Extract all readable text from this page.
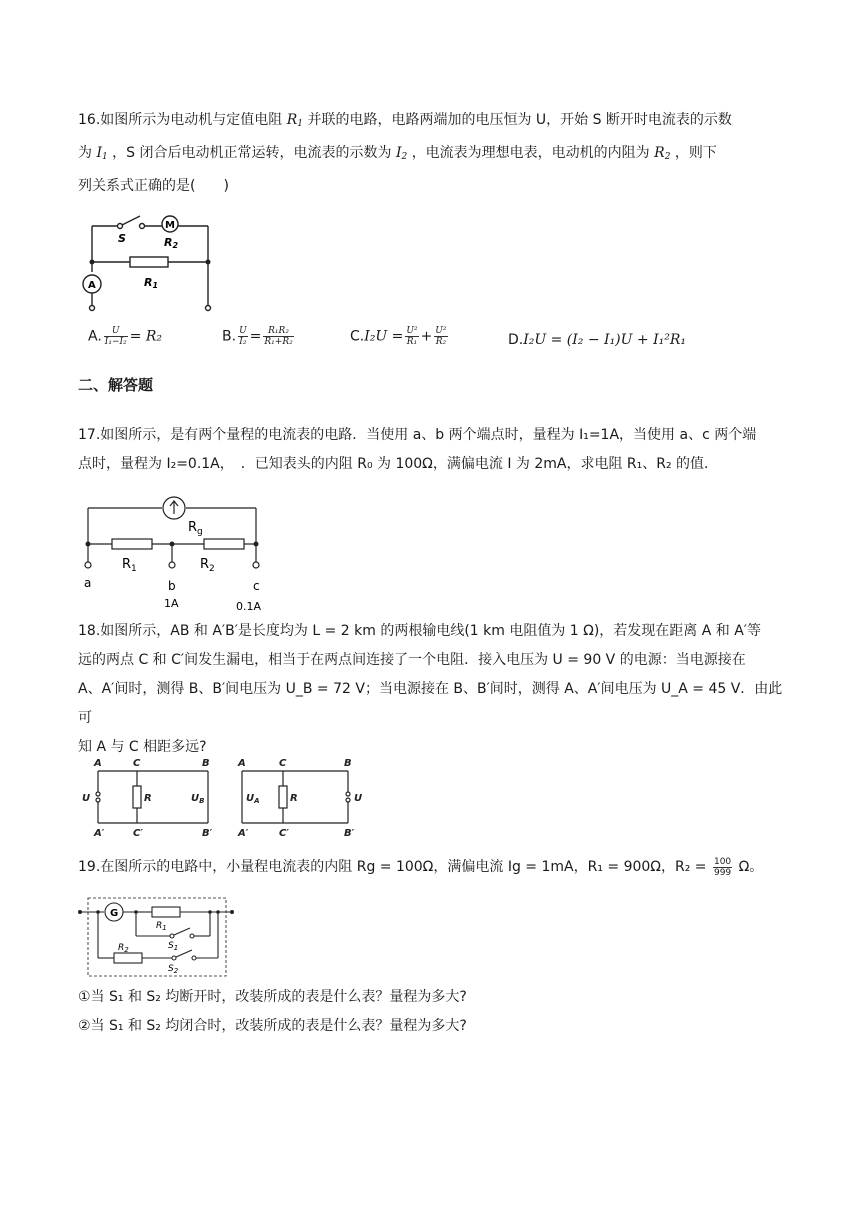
16.如图所示为电动机与定值电阻 $R_1$ 并联的电路，电路两端加的电压恒为 U，开始 S 断开时电流表的示数
为 $I_1$ ，S 闭合后电动机正常运转，电流表的示数为 $I_2$ ，电流表为理想电表，电动机的内阻为 $R_2$ ，则下
列关系式正确的是(　　)
S
M
R2
R1
A
A. $\frac{U}{\text{I₁−I₂}} = R_2$	B. $\frac{U}{\text{I₂}} = \frac{\text{R₁R₂}}{\text{R₁+R₂}}$	$C.I_2U = \frac{\text{U²}}{\text{R₁}} + \frac{\text{U²}}{\text{R₂}}$	D.I₂U = (I₂ − I₁)U + I₁²R₁
二、解答题
17.如图所示，是有两个量程的电流表的电路．当使用 a、b 两个端点时，量程为 I₁=1A，当使用 a、c 两个端
点时，量程为 I₂=0.1A，　．已知表头的内阻 R₀ 为 100Ω，满偏电流 I 为 2mA，求电阻 R₁、R₂ 的值．
$R_g$
$R_1$	$R_2$
a	b	c
1A	0.1A
18.如图所示，AB 和 A′B′是长度均为 L = 2 km 的两根输电线(1 km 电阻值为 1 Ω)，若发现在距离 A 和 A′等
远的两点 C 和 C′间发生漏电，相当于在两点间连接了一个电阻．接入电压为 U = 90 V 的电源：当电源接在
A、A′间时，测得 B、B′间电压为 U_B = 72 V；当电源接在 B、B′间时，测得 A、A′间电压为 U_A = 45 V．由此可
知 A 与 C 相距多远?
A	C	B
A′	C′	B′
U	R	$U_B$
A	C	B
A′	C′	B′
$U_A$	R	U
19.在图所示的电路中，小量程电流表的内阻 Rg = 100Ω，满偏电流 Ig = 1mA，R₁ = 900Ω，$R_2 = \frac{100}{999}$ Ω。
G
$R_1$
$S_1$
$R_2$
$S_2$
①当 S₁ 和 S₂ 均断开时，改装所成的表是什么表？量程为多大?
②当 S₁ 和 S₂ 均闭合时，改装所成的表是什么表？量程为多大?
